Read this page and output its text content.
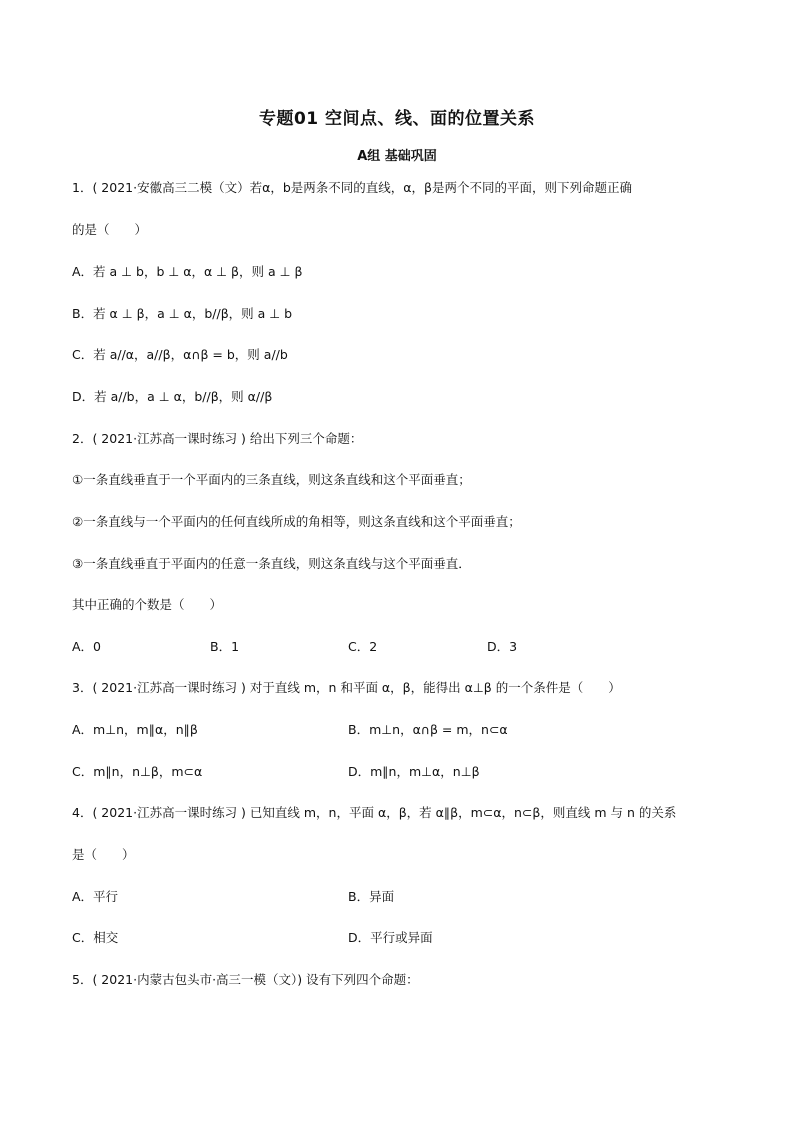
专题01 空间点、线、面的位置关系
A组 基础巩固
1．( 2021·安徽高三二模（文）若α，b是两条不同的直线，α，β是两个不同的平面，则下列命题正确
的是（　　）
A．若 a ⊥ b，b ⊥ α，α ⊥ β，则 a ⊥ β
B．若 α ⊥ β，a ⊥ α，b//β，则 a ⊥ b
C．若 a//α，a//β，α∩β = b，则 a//b
D．若 a//b，a ⊥ α，b//β，则 α//β
2．( 2021·江苏高一课时练习 ) 给出下列三个命题：
①一条直线垂直于一个平面内的三条直线，则这条直线和这个平面垂直；
②一条直线与一个平面内的任何直线所成的角相等，则这条直线和这个平面垂直；
③一条直线垂直于平面内的任意一条直线，则这条直线与这个平面垂直．
其中正确的个数是（　　）
A．0	B．1	C．2	D．3
3．( 2021·江苏高一课时练习 ) 对于直线 m，n 和平面 α，β，能得出 α⊥β 的一个条件是（　　）
A．m⊥n，m∥α，n∥β	B．m⊥n，α∩β = m，n⊂α
C．m∥n，n⊥β，m⊂α	D．m∥n，m⊥α，n⊥β
4．( 2021·江苏高一课时练习 ) 已知直线 m，n，平面 α，β，若 α∥β，m⊂α，n⊂β，则直线 m 与 n 的关系
是（　　）
A．平行	B．异面
C．相交	D．平行或异面
5．( 2021·内蒙古包头市·高三一模（文）) 设有下列四个命题：
